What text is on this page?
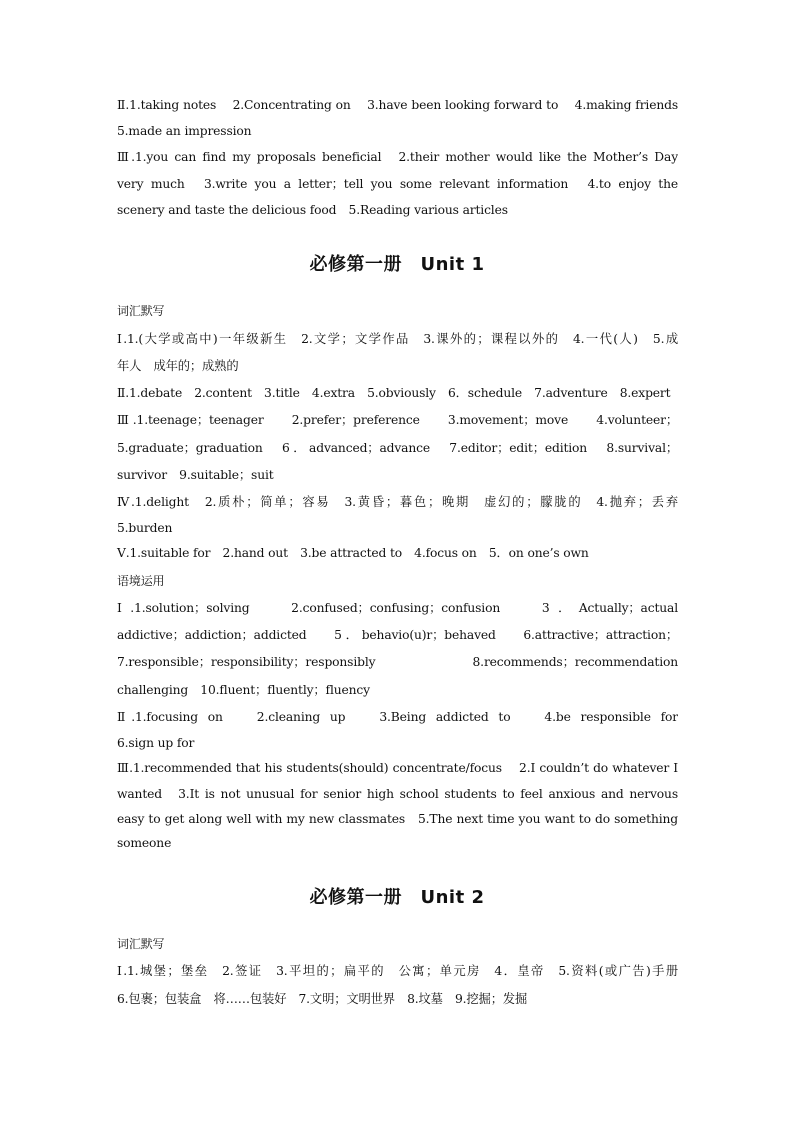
Ⅱ.1.taking notes　 2.Concentrating on　 3.have been looking forward to　 4.making friends
5.made an impression
Ⅲ.1.you can find my proposals beneficial　2.their mother would like the Mother’s Day
very much　3.write you a letter；tell you some relevant information　4.to enjoy the
scenery and taste the delicious food　5.Reading various articles
必修第一册　Unit 1
词汇默写
Ⅰ.1.(大学或高中)一年级新生　2.文学；文学作品　3.课外的；课程以外的　4.一代(人)　5.成
年人　成年的；成熟的
Ⅱ.1.debate　2.content　3.title　4.extra　5.obviously　6．schedule　7.adventure　8.expert
Ⅲ.1.teenage；teenager　 2.prefer；preference　 3.movement；move　 4.volunteer；
5.graduate；graduation　6．advanced；advance　7.editor；edit；edition　8.survival；
survivor　9.suitable；suit
Ⅳ.1.delight　2.质朴；简单；容易　3.黄昏；暮色；晚期　虚幻的；朦胧的　4.抛弃；丢弃
5.burden
Ⅴ.1.suitable for　2.hand out　3.be attracted to　4.focus on　5．on one’s own
语境运用
Ⅰ.1.solution；solving　 2.confused；confusing；confusion　 3．Actually；actual　
addictive；addiction；addicted　 5．behavio(u)r；behaved　 6.attractive；attraction；
7.responsible；responsibility；responsibly　 8.recommends；recommendation　
challenging　10.fluent；fluently；fluency
Ⅱ.1.focusing on　 2.cleaning up　 3.Being addicted to　 4.be responsible for　
6.sign up for
Ⅲ.1.recommended that his students(should) concentrate/focus　 2.I couldn’t do whatever I
wanted　3.It is not unusual for senior high school students to feel anxious and nervous　
easy to get along well with my new classmates　5.The next time you want to do something
someone
必修第一册　Unit 2
词汇默写
Ⅰ.1.城堡；堡垒　2.签证　3.平坦的；扁平的　公寓；单元房　4．皇帝　5.资料(或广告)手册
6.包裹；包装盒　将……包装好　7.文明；文明世界　8.坟墓　9.挖掘；发掘
